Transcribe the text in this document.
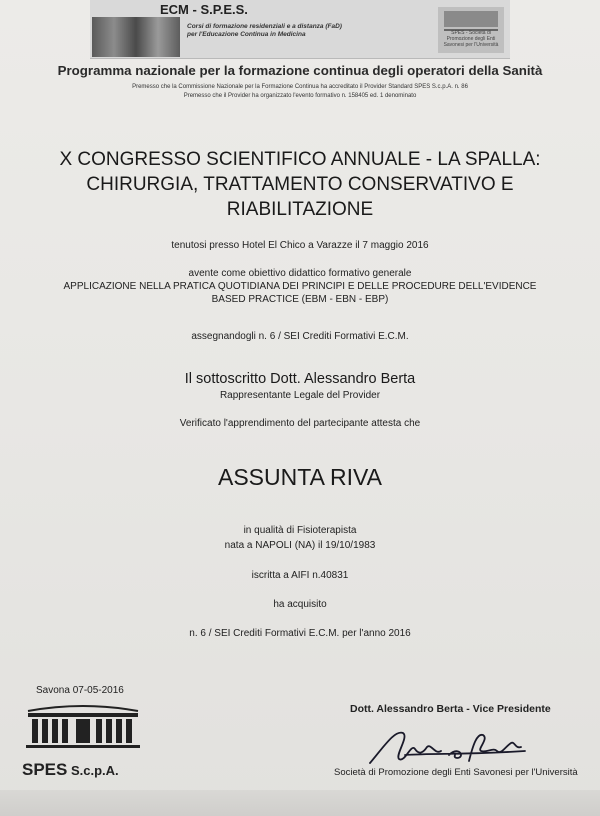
ECM - S.P.E.S.
Corsi di formazione residenziali e a distanza (FaD)
per l'Educazione Continua in Medicina	SPES - Società di Promozione degli Enti Savonesi per l'Università
Programma nazionale per la formazione continua degli operatori della Sanità
Premesso che la Commissione Nazionale per la Formazione Continua ha accreditato il Provider Standard SPES S.c.p.A. n. 86
Premesso che il Provider ha organizzato l'evento formativo n. 158405 ed. 1 denominato
X CONGRESSO SCIENTIFICO ANNUALE - LA SPALLA: CHIRURGIA, TRATTAMENTO CONSERVATIVO E RIABILITAZIONE
tenutosi presso Hotel El Chico a Varazze il 7 maggio 2016
avente come obiettivo didattico formativo generale
APPLICAZIONE NELLA PRATICA QUOTIDIANA DEI PRINCIPI E DELLE PROCEDURE DELL'EVIDENCE
BASED PRACTICE (EBM - EBN - EBP)
assegnandogli n. 6 / SEI Crediti Formativi E.C.M.
Il sottoscritto Dott. Alessandro Berta
Rappresentante Legale del Provider
Verificato l'apprendimento del partecipante attesta che
ASSUNTA RIVA
in qualità di Fisioterapista
nata a NAPOLI (NA) il 19/10/1983
iscritta a AIFI n.40831
ha acquisito
n. 6 / SEI Crediti Formativi E.C.M. per l'anno 2016
Savona 07-05-2016
SPES S.c.p.A.
Dott. Alessandro Berta - Vice Presidente
Società di Promozione degli Enti Savonesi per l'Università
